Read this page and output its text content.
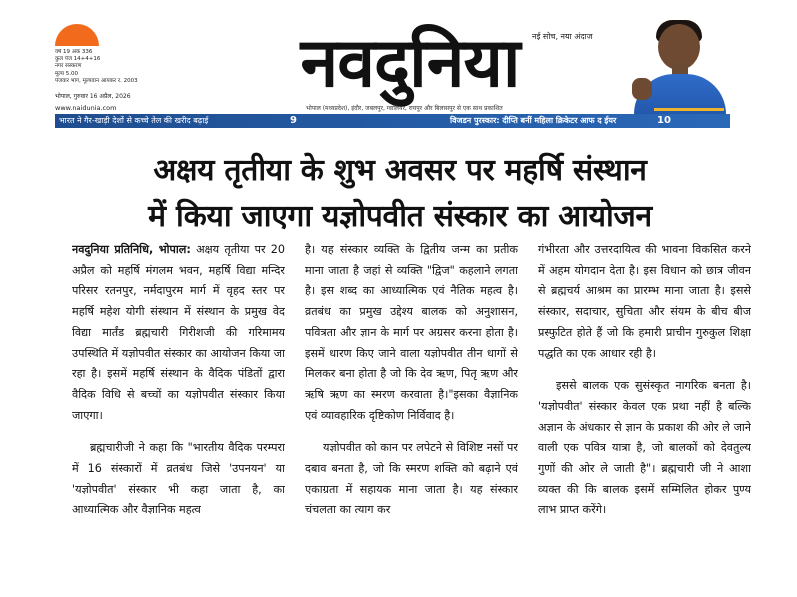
वर्ष 19 अंक 336
कुल पेज 14+4+16
नगर संस्करण
मूल्य 5.00
पेजवार भाग, मूल्यवान आयकर र. 2003
भोपाल, गुरुवार 16 अप्रैल, 2026
www.naidunia.com
नई सोच, नया अंदाज
नवदुनिया
भोपाल (मध्यप्रदेश), इंदौर, जबलपुर, ग्वालियर, रायपुर और बिलासपुर से एक साथ प्रकाशित
भारत ने गैर-खाड़ी देशों से कच्चे तेल की खरीद बढ़ाई	9	विजडन पुरस्कार: दीप्ति बनीं महिला क्रिकेटर आफ द ईयर	10
अक्षय तृतीया के शुभ अवसर पर महर्षि संस्थान
में किया जाएगा यज्ञोपवीत संस्कार का आयोजन

नवदुनिया प्रतिनिधि, भोपाल: अक्षय तृतीया पर 20 अप्रैल को महर्षि मंगलम भवन, महर्षि विद्या मन्दिर परिसर रतनपुर, नर्मदापुरम मार्ग में वृहद स्तर पर महर्षि महेश योगी संस्थान में संस्थान के प्रमुख वेद विद्या मार्तंड ब्रह्मचारी गिरीशजी की गरिमामय उपस्थिति में यज्ञोपवीत संस्कार का आयोजन किया जा रहा है। इसमें महर्षि संस्थान के वैदिक पंडितों द्वारा वैदिक विधि से बच्चों का यज्ञोपवीत संस्कार किया जाएगा।

ब्रह्मचारीजी ने कहा कि "भारतीय वैदिक परम्परा में 16 संस्कारों में व्रतबंध जिसे 'उपनयन' या 'यज्ञोपवीत' संस्कार भी कहा जाता है, का आध्यात्मिक और वैज्ञानिक महत्व

है। यह संस्कार व्यक्ति के द्वितीय जन्म का प्रतीक माना जाता है जहां से व्यक्ति "द्विज" कहलाने लगता है। इस शब्द का आध्यात्मिक एवं नैतिक महत्व है। व्रतबंध का प्रमुख उद्देश्य बालक को अनुशासन, पवित्रता और ज्ञान के मार्ग पर अग्रसर करना होता है। इसमें धारण किए जाने वाला यज्ञोपवीत तीन धागों से मिलकर बना होता है जो कि देव ऋण, पितृ ऋण और ऋषि ऋण का स्मरण करवाता है।"इसका वैज्ञानिक एवं व्यावहारिक दृष्टिकोण निर्विवाद है।

यज्ञोपवीत को कान पर लपेटने से विशिष्ट नसों पर दबाव बनता है, जो कि स्मरण शक्ति को बढ़ाने एवं एकाग्रता में सहायक माना जाता है। यह संस्कार चंचलता का त्याग कर

गंभीरता और उत्तरदायित्व की भावना विकसित करने में अहम योगदान देता है। इस विधान को छात्र जीवन से ब्रह्मचर्य आश्रम का प्रारम्भ माना जाता है। इससे संस्कार, सदाचार, सुचिता और संयम के बीच बीज प्रस्फुटित होते हैं जो कि हमारी प्राचीन गुरुकुल शिक्षा पद्धति का एक आधार रही है।

इससे बालक एक सुसंस्कृत नागरिक बनता है। 'यज्ञोपवीत' संस्कार केवल एक प्रथा नहीं है बल्कि अज्ञान के अंधकार से ज्ञान के प्रकाश की ओर ले जाने वाली एक पवित्र यात्रा है, जो बालकों को देवतुल्य गुणों की ओर ले जाती है"। ब्रह्मचारी जी ने आशा व्यक्त की कि बालक इसमें सम्मिलित होकर पुण्य लाभ प्राप्त करेंगे।
